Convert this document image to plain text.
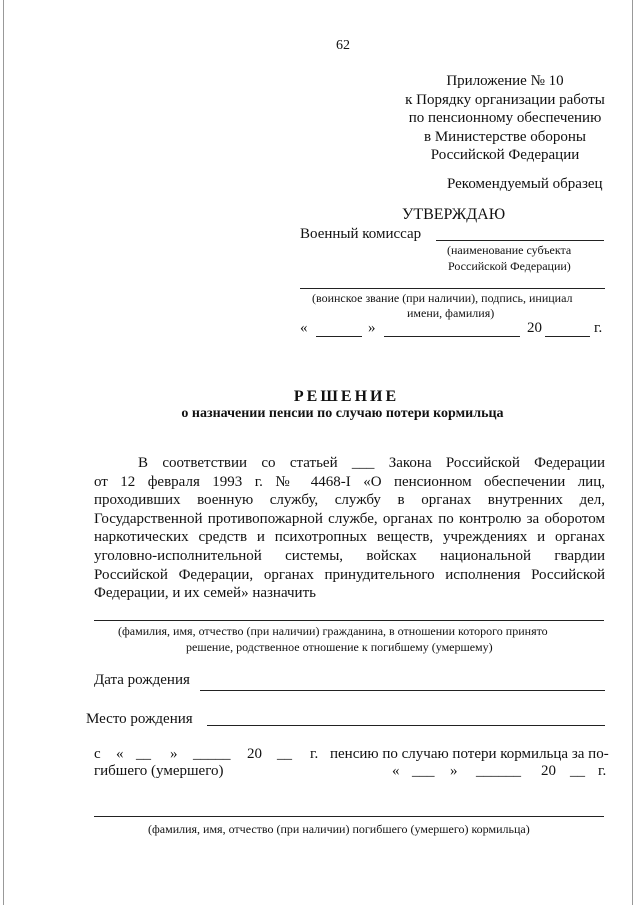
62
Приложение № 10
к Порядку организации работы
по пенсионному обеспечению
в Министерстве обороны
Российской Федерации
Рекомендуемый образец
УТВЕРЖДАЮ
Военный комиссар
(наименование субъекта
Российской Федерации)
(воинское звание (при наличии), подпись, инициал
имени, фамилия)
«	»	20	г.
РЕШЕНИЕ
о назначении пенсии по случаю потери кормильца
В соответствии со статьей ___ Закона Российской Федерации
от 12 февраля 1993 г. № 4468-I «О пенсионном обеспечении лиц,
проходивших военную службу, службу в органах внутренних дел,
Государственной противопожарной службе, органах по контролю за оборотом
наркотических средств и психотропных веществ, учреждениях и органах
уголовно-исполнительной системы, войсках национальной гвардии
Российской Федерации, органах принудительного исполнения Российской
Федерации, и их семей» назначить
(фамилия, имя, отчество (при наличии) гражданина, в отношении которого принято
решение, родственное отношение к погибшему (умершему)
Дата рождения
Место рождения
с « __ » _____ 20 __ г. пенсию по случаю потери кормильца за по-
гибшего (умершего)	« ___ » ______ 20 __ г.
(фамилия, имя, отчество (при наличии) погибшего (умершего) кормильца)
